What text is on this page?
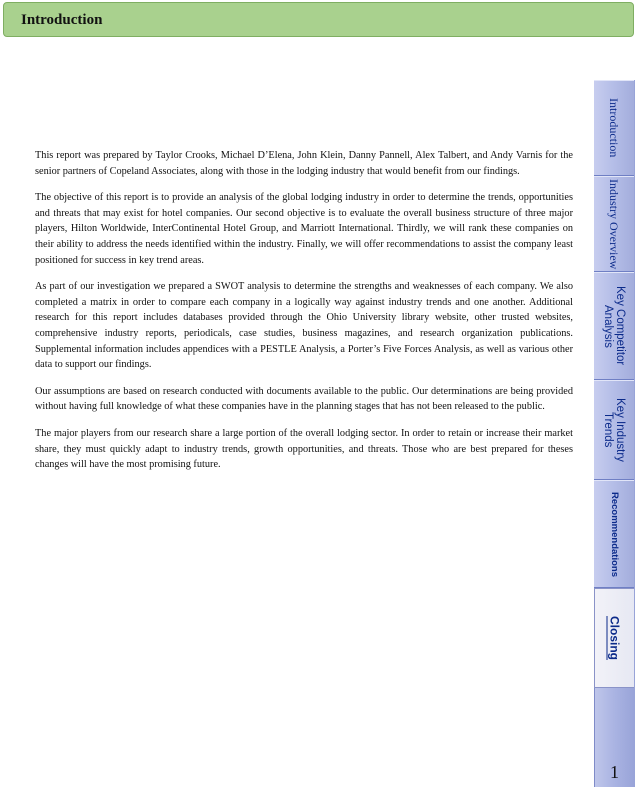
Introduction

This report was prepared by Taylor Crooks, Michael D’Elena, John Klein, Danny Pannell, Alex Talbert, and Andy Varnis for the senior partners of Copeland Associates, along with those in the lodging industry that would benefit from our findings.

The objective of this report is to provide an analysis of the global lodging industry in order to determine the trends, opportunities and threats that may exist for hotel companies. Our second objective is to evaluate the overall business structure of three major players, Hilton Worldwide, InterContinental Hotel Group, and Marriott International. Thirdly, we will rank these companies on their ability to address the needs identified within the industry. Finally, we will offer recommendations to assist the company least positioned for success in key trend areas.

As part of our investigation we prepared a SWOT analysis to determine the strengths and weaknesses of each company. We also completed a matrix in order to compare each company in a logically way against industry trends and one another. Additional research for this report includes databases provided through the Ohio University library website, other trusted websites, comprehensive industry reports, periodicals, case studies, business magazines, and research organization publications. Supplemental information includes appendices with a PESTLE Analysis, a Porter’s Five Forces Analysis, as well as various other data to support our findings.

Our assumptions are based on research conducted with documents available to the public. Our determinations are being provided without having full knowledge of what these companies have in the planning stages that has not been released to the public.

The major players from our research share a large portion of the overall lodging sector. In order to retain or increase their market share, they must quickly adapt to industry trends, growth opportunities, and threats. Those who are best prepared for theses changes will have the most promising future.

Introduction
Industry Overview
Key Competitor Analysis
Key Industry Trends
Recommendations
Closing
1
